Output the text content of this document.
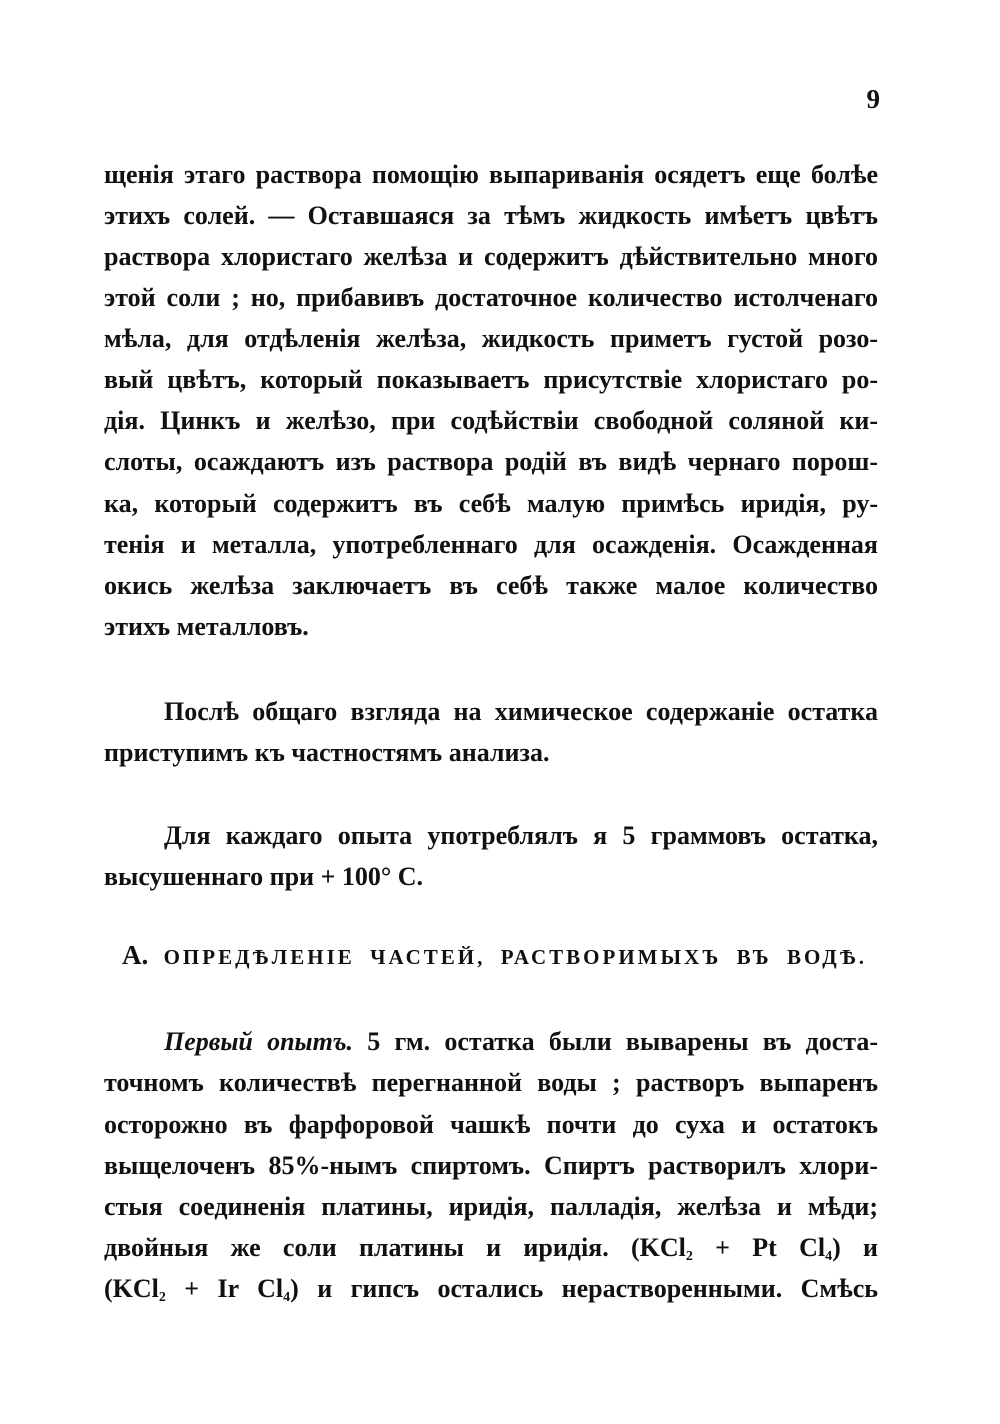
9
щенія этаго раствора помощію выпариванія осядетъ еще болѣе
этихъ солей. — Оставшаяся за тѣмъ жидкость имѣетъ цвѣтъ
раствора хлористаго желѣза и содержитъ дѣйствительно много
этой соли ; но, прибавивъ достаточное количество истолченаго
мѣла, для отдѣленія желѣза, жидкость приметъ густой розо-
вый цвѣтъ, который показываетъ присутствіе хлористаго ро-
дія. Цинкъ и желѣзо, при содѣйствіи свободной соляной ки-
слоты, осаждаютъ изъ раствора родій въ видѣ чернаго порош-
ка, который содержитъ въ себѣ малую примѣсь иридія, ру-
тенія и металла, употребленнаго для осажденія. Осажденная
окись желѣза заключаетъ въ себѣ также малое количество
этихъ металловъ.
Послѣ общаго взгляда на химическое содержаніе остатка
приступимъ къ частностямъ анализа.
Для каждаго опыта употреблялъ я 5 граммовъ остатка,
высушеннаго при + 100° C.
А. ОПРЕДѢЛЕНІЕ ЧАСТЕЙ, РАСТВОРИМЫХЪ ВЪ ВОДѢ.
Первый опытъ. 5 гм. остатка были выварены въ доста-
точномъ количествѣ перегнанной воды ; растворъ выпаренъ
осторожно въ фарфоровой чашкѣ почти до суха и остатокъ
выщелоченъ 85%-нымъ спиртомъ. Спиртъ растворилъ хлори-
стыя соединенія платины, иридія, палладія, желѣза и мѣди;
двойныя же соли платины и иридія. (KCl$_2$ + Pt $Cl_4$) и
(KCl$_2$ + Ir $Cl_4$) и гипсъ остались нерастворенными. Смѣсь
